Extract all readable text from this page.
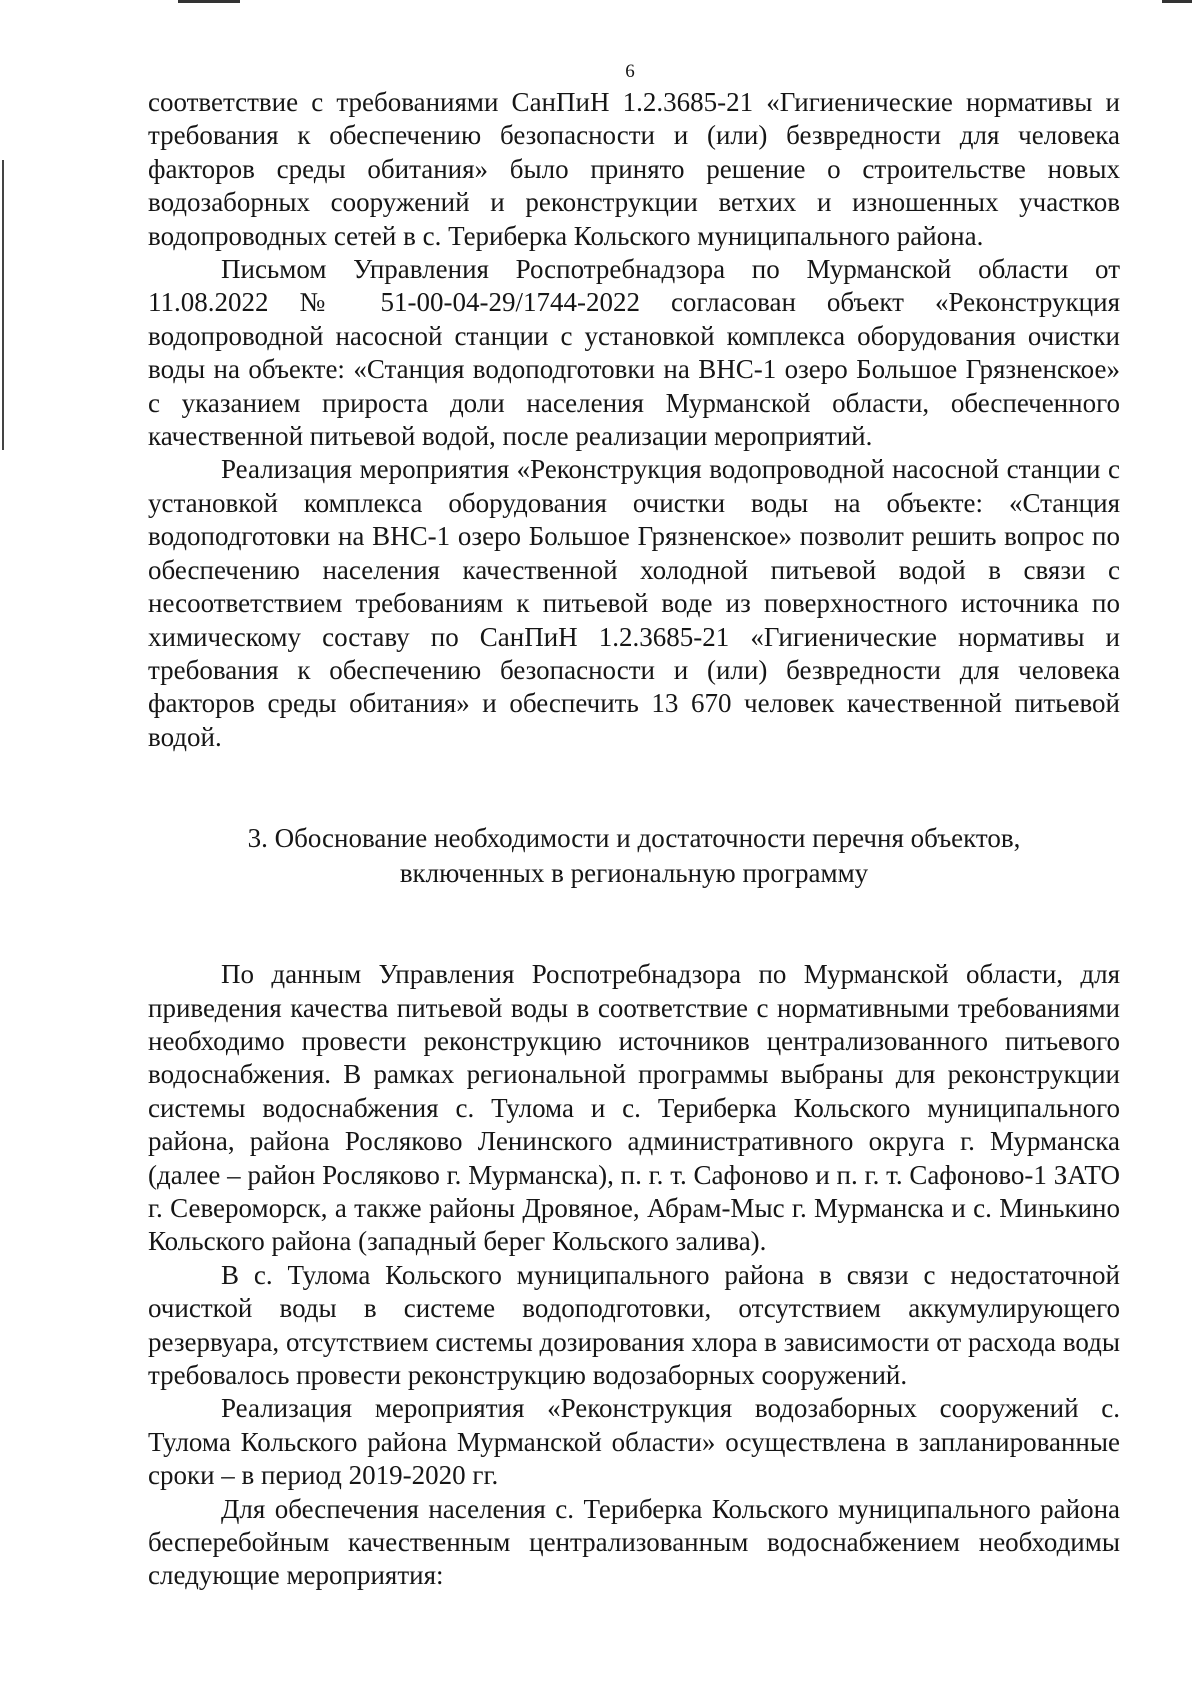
6

соответствие с требованиями СанПиН 1.2.3685-21 «Гигиенические нормативы и требования к обеспечению безопасности и (или) безвредности для человека факторов среды обитания» было принято решение о строительстве новых водозаборных сооружений и реконструкции ветхих и изношенных участков водопроводных сетей в с. Териберка Кольского муниципального района.

Письмом Управления Роспотребнадзора по Мурманской области от 11.08.2022 № 51-00-04-29/1744-2022 согласован объект «Реконструкция водопроводной насосной станции с установкой комплекса оборудования очистки воды на объекте: «Станция водоподготовки на ВНС-1 озеро Большое Грязненское» с указанием прироста доли населения Мурманской области, обеспеченного качественной питьевой водой, после реализации мероприятий.

Реализация мероприятия «Реконструкция водопроводной насосной станции с установкой комплекса оборудования очистки воды на объекте: «Станция водоподготовки на ВНС-1 озеро Большое Грязненское» позволит решить вопрос по обеспечению населения качественной холодной питьевой водой в связи с несоответствием требованиям к питьевой воде из поверхностного источника по химическому составу по СанПиН 1.2.3685-21 «Гигиенические нормативы и требования к обеспечению безопасности и (или) безвредности для человека факторов среды обитания» и обеспечить 13 670 человек качественной питьевой водой.

3. Обоснование необходимости и достаточности перечня объектов,
включенных в региональную программу

По данным Управления Роспотребнадзора по Мурманской области, для приведения качества питьевой воды в соответствие с нормативными требованиями необходимо провести реконструкцию источников централизованного питьевого водоснабжения. В рамках региональной программы выбраны для реконструкции системы водоснабжения с. Тулома и с. Териберка Кольского муниципального района, района Росляково Ленинского административного округа г. Мурманска (далее – район Росляково г. Мурманска), п. г. т. Сафоново и п. г. т. Сафоново-1 ЗАТО г. Североморск, а также районы Дровяное, Абрам-Мыс г. Мурманска и с. Минькино Кольского района (западный берег Кольского залива).

В с. Тулома Кольского муниципального района в связи с недостаточной очисткой воды в системе водоподготовки, отсутствием аккумулирующего резервуара, отсутствием системы дозирования хлора в зависимости от расхода воды требовалось провести реконструкцию водозаборных сооружений.

Реализация мероприятия «Реконструкция водозаборных сооружений с. Тулома Кольского района Мурманской области» осуществлена в запланированные сроки – в период 2019-2020 гг.

Для обеспечения населения с. Териберка Кольского муниципального района бесперебойным качественным централизованным водоснабжением необходимы следующие мероприятия:
